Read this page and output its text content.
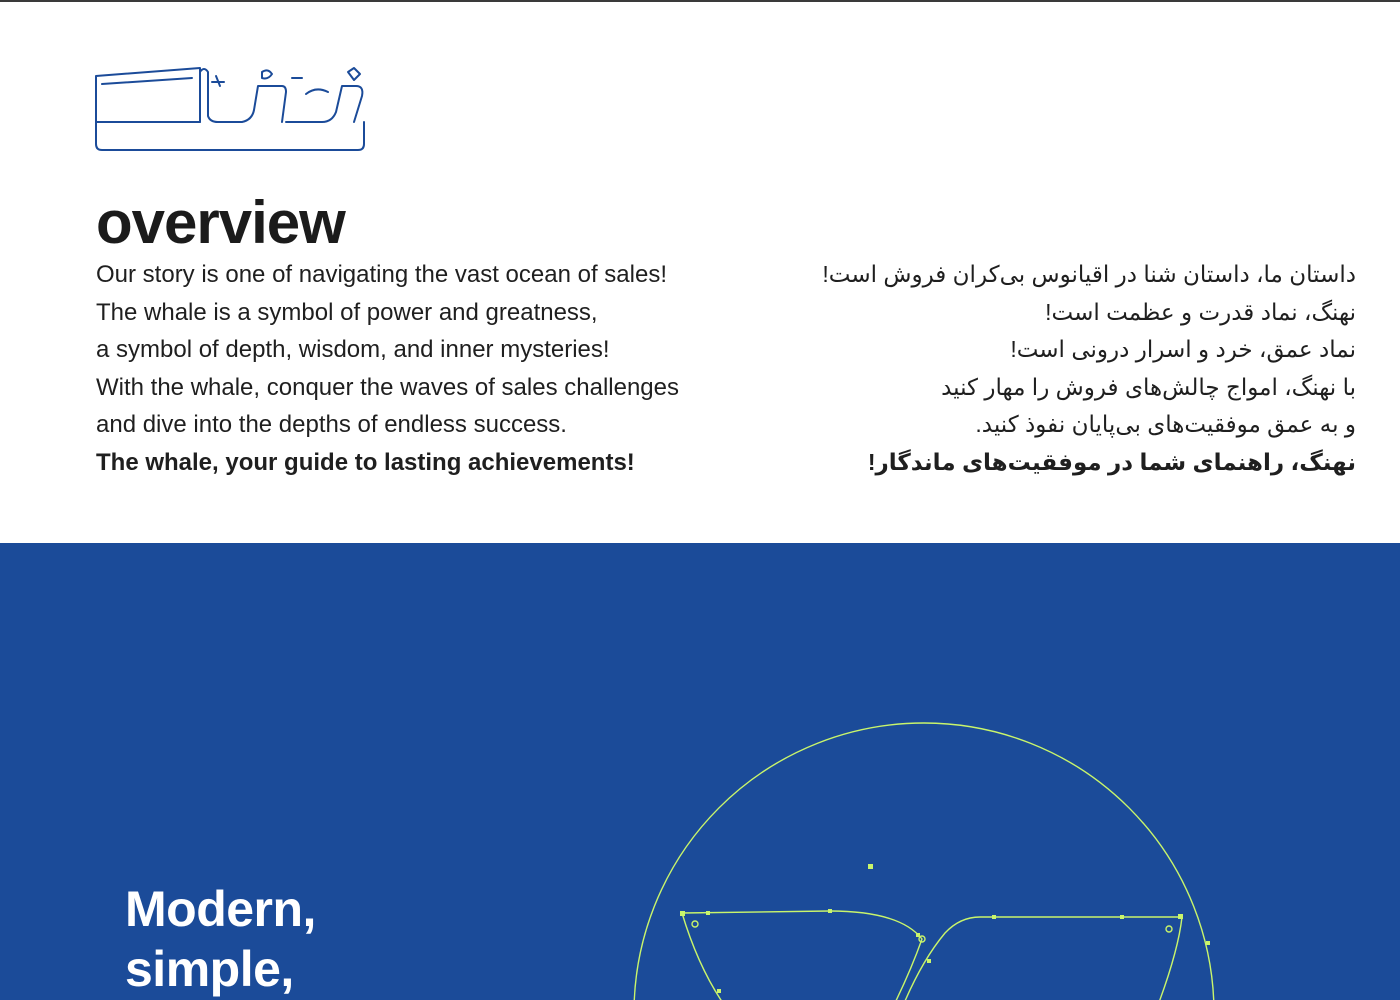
overview
Our story is one of navigating the vast ocean of sales!
The whale is a symbol of power and greatness,
a symbol of depth, wisdom, and inner mysteries!
With the whale, conquer the waves of sales challenges
and dive into the depths of endless success.
The whale, your guide to lasting achievements!
داستان ما، داستان شنا در اقیانوس بی‌کران فروش است!
نهنگ، نماد قدرت و عظمت است!
نماد عمق، خرد و اسرار درونی است!
با نهنگ، امواج چالش‌های فروش را مهار کنید
و به عمق موفقیت‌های بی‌پایان نفوذ کنید.
نهنگ، راهنمای شما در موفقیت‌های ماندگار!
Modern,
simple,
